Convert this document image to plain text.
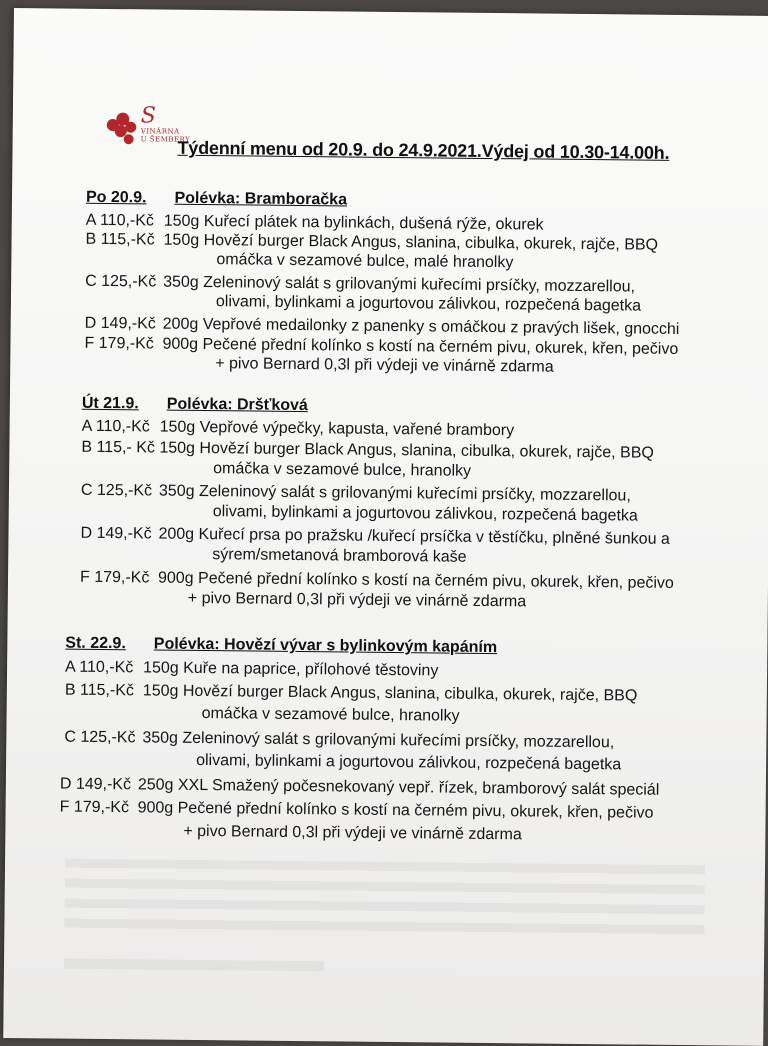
S
VINÁRNA
U ŠEMBERY
Týdenní menu od 20.9. do 24.9.2021.Výdej od 10.30-14.00h.
Po 20.9. Polévka: Bramboračka
A 110,-Kč 150g Kuřecí plátek na bylinkách, dušená rýže, okurek
B 115,-Kč 150g Hovězí burger Black Angus, slanina, cibulka, okurek, rajče, BBQ
omáčka v sezamové bulce, malé hranolky
C 125,-Kč 350g Zeleninový salát s grilovanými kuřecími prsíčky, mozzarellou,
olivami, bylinkami a jogurtovou zálivkou, rozpečená bagetka
D 149,-Kč 200g Vepřové medailonky z panenky s omáčkou z pravých lišek, gnocchi
F 179,-Kč 900g Pečené přední kolínko s kostí na černém pivu, okurek, křen, pečivo
+ pivo Bernard 0,3l při výdeji ve vinárně zdarma
Út 21.9. Polévka: Dršťková
A 110,-Kč 150g Vepřové výpečky, kapusta, vařené brambory
B 115,- Kč 150g Hovězí burger Black Angus, slanina, cibulka, okurek, rajče, BBQ
omáčka v sezamové bulce, hranolky
C 125,-Kč 350g Zeleninový salát s grilovanými kuřecími prsíčky, mozzarellou,
olivami, bylinkami a jogurtovou zálivkou, rozpečená bagetka
D 149,-Kč 200g Kuřecí prsa po pražsku /kuřecí prsíčka v těstíčku, plněné šunkou a
sýrem/smetanová bramborová kaše
F 179,-Kč 900g Pečené přední kolínko s kostí na černém pivu, okurek, křen, pečivo
+ pivo Bernard 0,3l při výdeji ve vinárně zdarma
St. 22.9. Polévka: Hovězí vývar s bylinkovým kapáním
A 110,-Kč 150g Kuře na paprice, přílohové těstoviny
B 115,-Kč 150g Hovězí burger Black Angus, slanina, cibulka, okurek, rajče, BBQ
omáčka v sezamové bulce, hranolky
C 125,-Kč 350g Zeleninový salát s grilovanými kuřecími prsíčky, mozzarellou,
olivami, bylinkami a jogurtovou zálivkou, rozpečená bagetka
D 149,-Kč 250g XXL Smažený počesnekovaný vepř. řízek, bramborový salát speciál
F 179,-Kč 900g Pečené přední kolínko s kostí na černém pivu, okurek, křen, pečivo
+ pivo Bernard 0,3l při výdeji ve vinárně zdarma
